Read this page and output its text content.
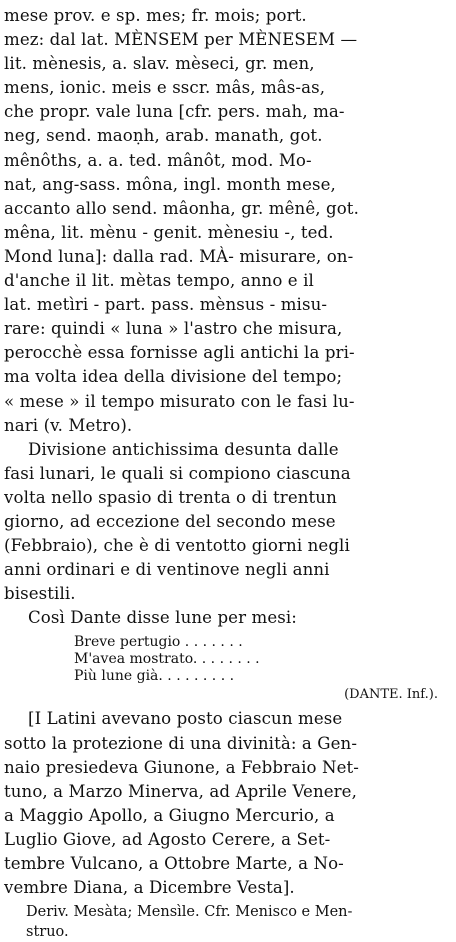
mese prov. e sp. mes; fr. mois; port.
mez: dal lat. MÈNSEM per MÈNESEM —
lit. mènesis, a. slav. mèseci, gr. men,
mens, ionic. meis e sscr. mâs, mâs-as,
che propr. vale luna [cfr. pers. mah, ma-
neg, send. maoṇh, arab. manath, got.
mênôths, a. a. ted. mânôt, mod. Mo-
nat, ang-sass. môna, ingl. month mese,
accanto allo send. mâonha, gr. mênê, got.
mêna, lit. mènu - genit. mènesiu -, ted.
Mond luna]: dalla rad. MÀ- misurare, on-
d'anche il lit. mètas tempo, anno e il
lat. metìri - part. pass. mènsus - misu-
rare: quindi « luna » l'astro che misura,
perocchè essa fornisse agli antichi la pri-
ma volta idea della divisione del tempo;
« mese » il tempo misurato con le fasi lu-
nari (v. Metro).
Divisione antichissima desunta dalle
fasi lunari, le quali si compiono ciascuna
volta nello spasio di trenta o di trentun
giorno, ad eccezione del secondo mese
(Febbraio), che è di ventotto giorni negli
anni ordinari e di ventinove negli anni
bisestili.
Così Dante disse lune per mesi:
Breve pertugio . . . . . . .
M'avea mostrato. . . . . . . .
Più lune già. . . . . . . . .
(DANTE. Inf.).
[I Latini avevano posto ciascun mese
sotto la protezione di una divinità: a Gen-
naio presiedeva Giunone, a Febbraio Net-
tuno, a Marzo Minerva, ad Aprile Venere,
a Maggio Apollo, a Giugno Mercurio, a
Luglio Giove, ad Agosto Cerere, a Set-
tembre Vulcano, a Ottobre Marte, a No-
vembre Diana, a Dicembre Vesta].
Deriv. Mesàta; Mensìle. Cfr. Menisco e Men-
struo.
